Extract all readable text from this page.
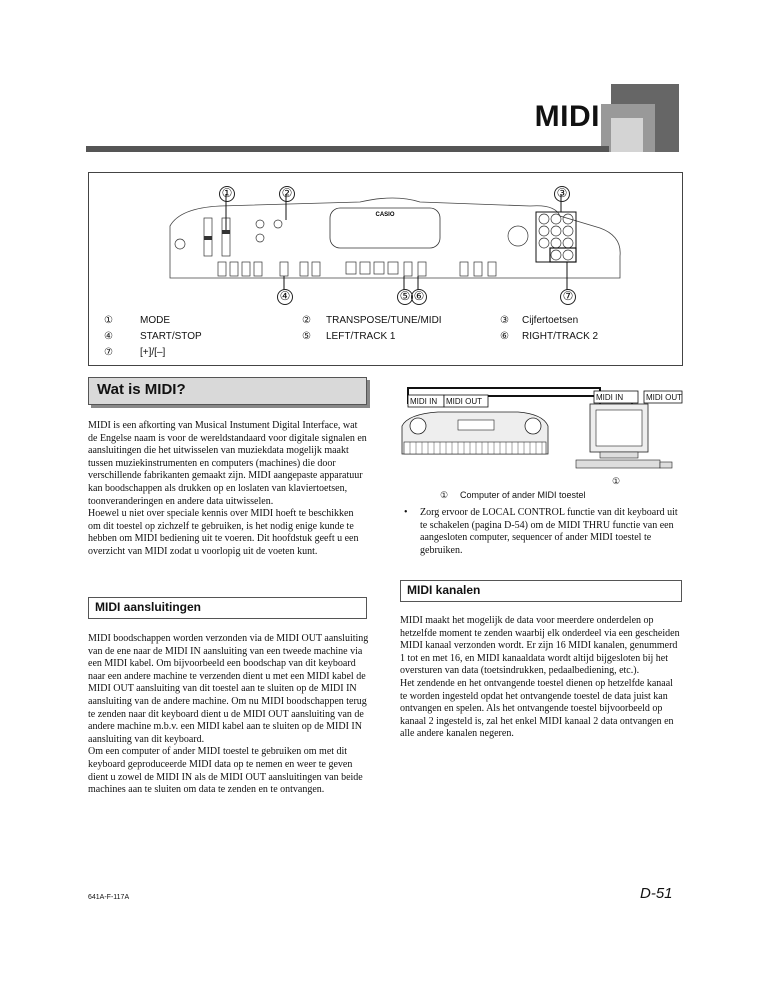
MIDI
CASIO
①	②	③
④	⑤ ⑥	⑦
①	MODE	② TRANSPOSE/TUNE/MIDI	③ Cijfertoetsen
④	START/STOP	⑤ LEFT/TRACK 1	⑥ RIGHT/TRACK 2
⑦	[+]/[–]
Wat is MIDI?
MIDI is een afkorting van Musical Instument Digital Interface, wat de Engelse naam is voor de wereldstandaard voor digitale signalen en aansluitingen die het uitwisselen van muziekdata mogelijk maakt tussen muziekinstrumenten en computers (machines) die door verschillende fabrikanten gemaakt zijn. MIDI aangepaste apparatuur kan boodschappen als drukken op en loslaten van klaviertoetsen, toonveranderingen en andere data uitwisselen.
Hoewel u niet over speciale kennis over MIDI hoeft te beschikken om dit toestel op zichzelf te gebruiken, is het nodig enige kunde te hebben om MIDI bediening uit te voeren. Dit hoofdstuk geeft u een overzicht van MIDI zodat u voorlopig uit de voeten kunt.
MIDI IN MIDI OUT	MIDI IN	MIDI OUT
①
① Computer of ander MIDI toestel
• Zorg ervoor de LOCAL CONTROL functie van dit keyboard uit te schakelen (pagina D-54) om de MIDI THRU functie van een aangesloten computer, sequencer of ander MIDI toestel te gebruiken.
MIDI aansluitingen
MIDI boodschappen worden verzonden via de MIDI OUT aansluiting van de ene naar de MIDI IN aansluiting van een tweede machine via een MIDI kabel. Om bijvoorbeeld een boodschap van dit keyboard naar een andere machine te verzenden dient u met een MIDI kabel de MIDI OUT aansluiting van dit toestel aan te sluiten op de MIDI IN aansluiting van de andere machine. Om nu MIDI boodschappen terug te zenden naar dit keyboard dient u de MIDI OUT aansluiting van de andere machine m.b.v. een MIDI kabel aan te sluiten op de MIDI IN aansluiting van dit keyboard.
Om een computer of ander MIDI toestel te gebruiken om met dit keyboard geproduceerde MIDI data op te nemen en weer te geven dient u zowel de MIDI IN als de MIDI OUT aansluitingen van beide machines aan te sluiten om data te zenden en te ontvangen.
MIDI kanalen
MIDI maakt het mogelijk de data voor meerdere onderdelen op hetzelfde moment te zenden waarbij elk onderdeel via een gescheiden MIDI kanaal verzonden wordt. Er zijn 16 MIDI kanalen, genummerd 1 tot en met 16, en MIDI kanaaldata wordt altijd bijgesloten bij het oversturen van data (toetsindrukken, pedaalbediening, etc.).
Het zendende en het ontvangende toestel dienen op hetzelfde kanaal te worden ingesteld opdat het ontvangende toestel de data juist kan ontvangen en spelen. Als het ontvangende toestel bijvoorbeeld op kanaal 2 ingesteld is, zal het enkel MIDI kanaal 2 data ontvangen en alle andere kanalen negeren.
641A-F-117A	D-51
